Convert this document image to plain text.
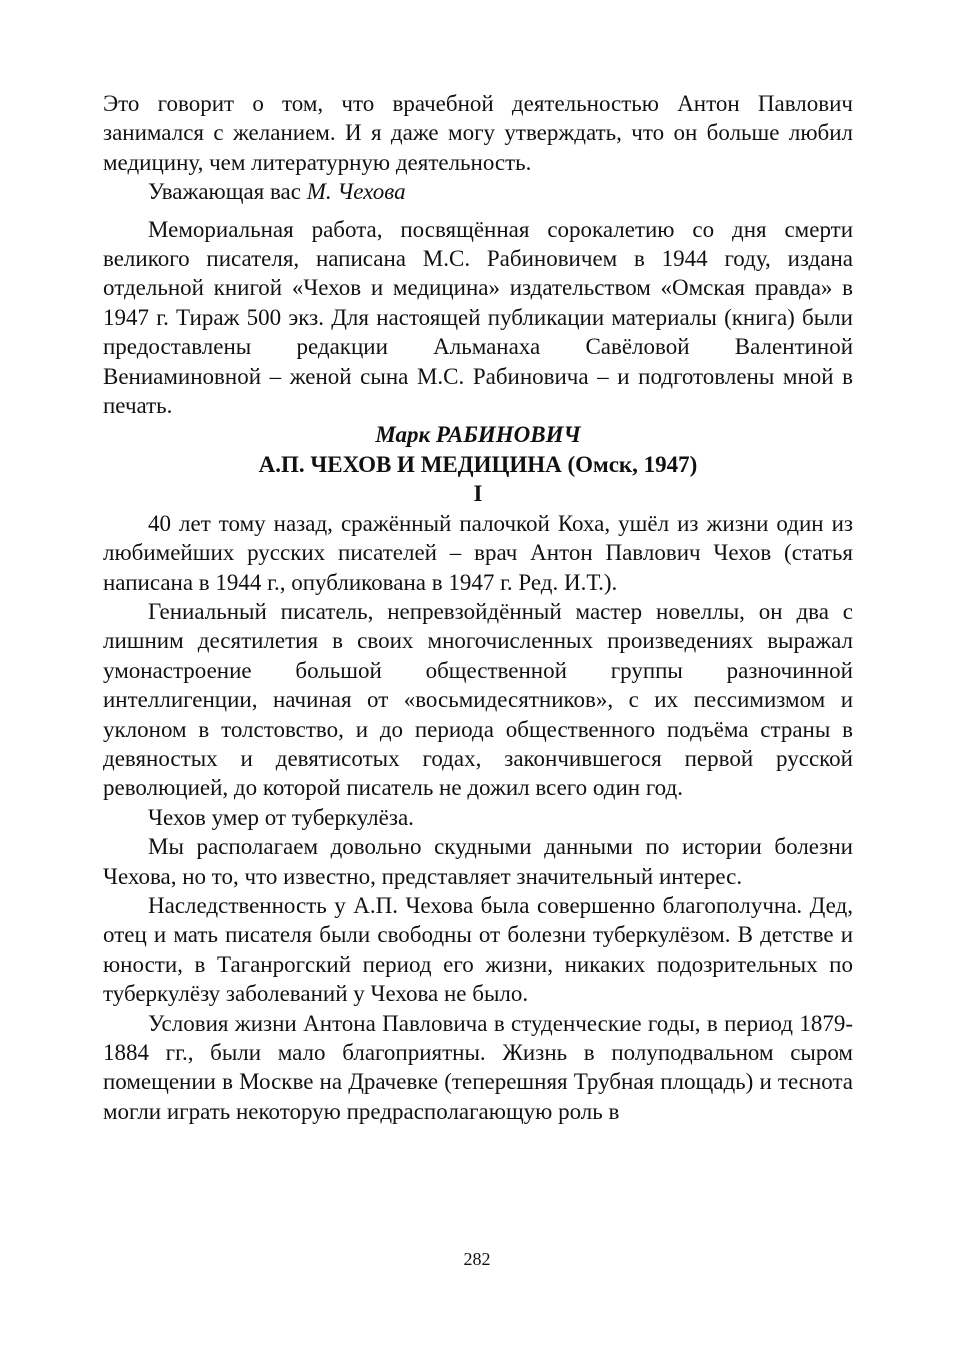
Это говорит о том, что врачебной деятельностью Антон Павлович занимался с желанием. И я даже могу утверждать, что он больше любил медицину, чем литературную деятельность.

Уважающая вас М. Чехова

Мемориальная работа, посвящённая сорокалетию со дня смерти великого писателя, написана М.С. Рабиновичем в 1944 году, издана отдельной книгой «Чехов и медицина» издательством «Омская правда» в 1947 г. Тираж 500 экз. Для настоящей публикации материалы (книга) были предоставлены редакции Альманаха Савёловой Валентиной Вениаминовной – женой сына М.С. Рабиновича – и подготовлены мной в печать.

Марк РАБИНОВИЧ

А.П. ЧЕХОВ И МЕДИЦИНА (Омск, 1947)

I

40 лет тому назад, сражённый палочкой Коха, ушёл из жизни один из любимейших русских писателей – врач Антон Павлович Чехов (статья написана в 1944 г., опубликована в 1947 г. Ред. И.Т.).

Гениальный писатель, непревзойдённый мастер новеллы, он два с лишним десятилетия в своих многочисленных произведениях выражал умонастроение большой общественной группы разночинной интеллигенции, начиная от «восьмидесятников», с их пессимизмом и уклоном в толстовство, и до периода общественного подъёма страны в девяностых и девятисотых годах, закончившегося первой русской революцией, до которой писатель не дожил всего один год.

Чехов умер от туберкулёза.

Мы располагаем довольно скудными данными по истории болезни Чехова, но то, что известно, представляет значительный интерес.

Наследственность у А.П. Чехова была совершенно благополучна. Дед, отец и мать писателя были свободны от болезни туберкулёзом. В детстве и юности, в Таганрогский период его жизни, никаких подозрительных по туберкулёзу заболеваний у Чехова не было.

Условия жизни Антона Павловича в студенческие годы, в период 1879-1884 гг., были мало благоприятны. Жизнь в полуподвальном сыром помещении в Москве на Драчевке (теперешняя Трубная площадь) и теснота могли играть некоторую предрасполагающую роль в

282
